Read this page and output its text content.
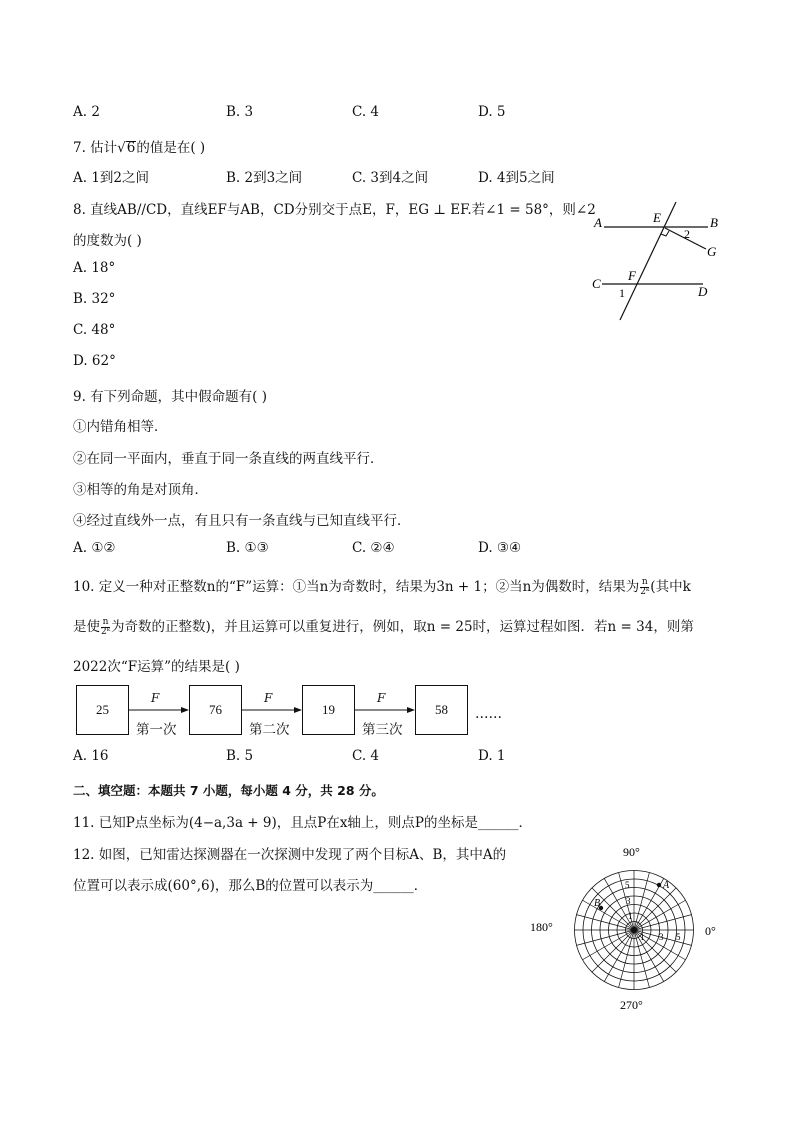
A. 2	B. 3	C. 4	D. 5
7. 估计√6的值是在( )
A. 1到2之间	B. 2到3之间	C. 3到4之间	D. 4到5之间
8. 直线AB//CD，直线EF与AB，CD分别交于点E，F，EG ⊥ EF.若∠1 = 58°，则∠2
的度数为( )
A. 18°
B. 32°
C. 48°
D. 62°
A	E	B
2
G
C
F
D
1
9. 有下列命题，其中假命题有( )
①内错角相等．
②在同一平面内，垂直于同一条直线的两直线平行．
③相等的角是对顶角．
④经过直线外一点，有且只有一条直线与已知直线平行．
A. ①②	B. ①③	C. ②④	D. ③④
10. 定义一种对正整数n的“F”运算：①当n为奇数时，结果为3n + 1；②当n为偶数时，结果为 $\frac{n}{\text{2ᵏ}}$ (其中k
是使 $\frac{n}{\text{2ᵏ}}$ 为奇数的正整数)，并且运算可以重复进行，例如，取n = 25时，运算过程如图．若n = 34，则第
2022次“F运算”的结果是( )
25	76	19	58
F	F	F
第一次	第二次	第三次
……
A. 16	B. 5	C. 4	D. 1
二、填空题：本题共 7 小题，每小题 4 分，共 28 分。
11. 已知P点坐标为(4−a,3a + 9)，且点P在x轴上，则点P的坐标是______．
12. 如图，已知雷达探测器在一次探测中发现了两个目标A、B，其中A的
位置可以表示成(60°,6)，那么B的位置可以表示为______．
90°
180°	0°
270°
A
B
5
3
1
1 3 5
